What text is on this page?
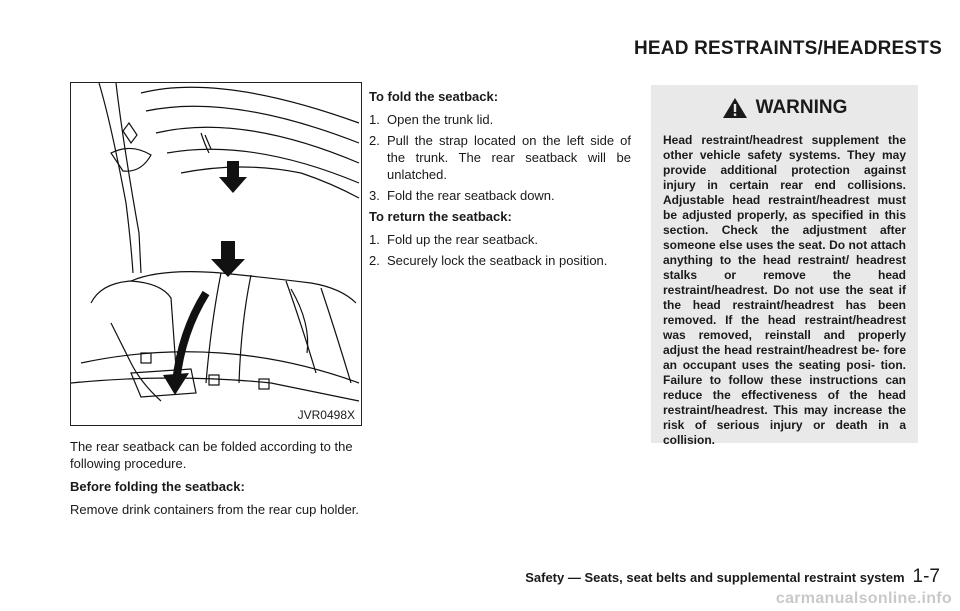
HEAD RESTRAINTS/HEADRESTS
JVR0498X

The rear seatback can be folded according to the following procedure.

Before folding the seatback:

Remove drink containers from the rear cup holder.

To fold the seatback:

1. Open the trunk lid.
2. Pull the strap located on the left side of the trunk. The rear seatback will be unlatched.
3. Fold the rear seatback down.

To return the seatback:

1. Fold up the rear seatback.
2. Securely lock the seatback in position.
WARNING
Head restraint/headrest supplement the other vehicle safety systems. They may provide additional protection against injury in certain rear end collisions. Adjustable head restraint/headrest must be adjusted properly, as specified in this section. Check the adjustment after someone else uses the seat. Do not attach anything to the head restraint/ headrest stalks or remove the head restraint/headrest. Do not use the seat if the head restraint/headrest has been removed. If the head restraint/headrest was removed, reinstall and properly adjust the head restraint/headrest be- fore an occupant uses the seating posi- tion. Failure to follow these instructions can reduce the effectiveness of the head restraint/headrest. This may increase the risk of serious injury or death in a collision.
Safety — Seats, seat belts and supplemental restraint system 1-7
carmanualsonline.info
